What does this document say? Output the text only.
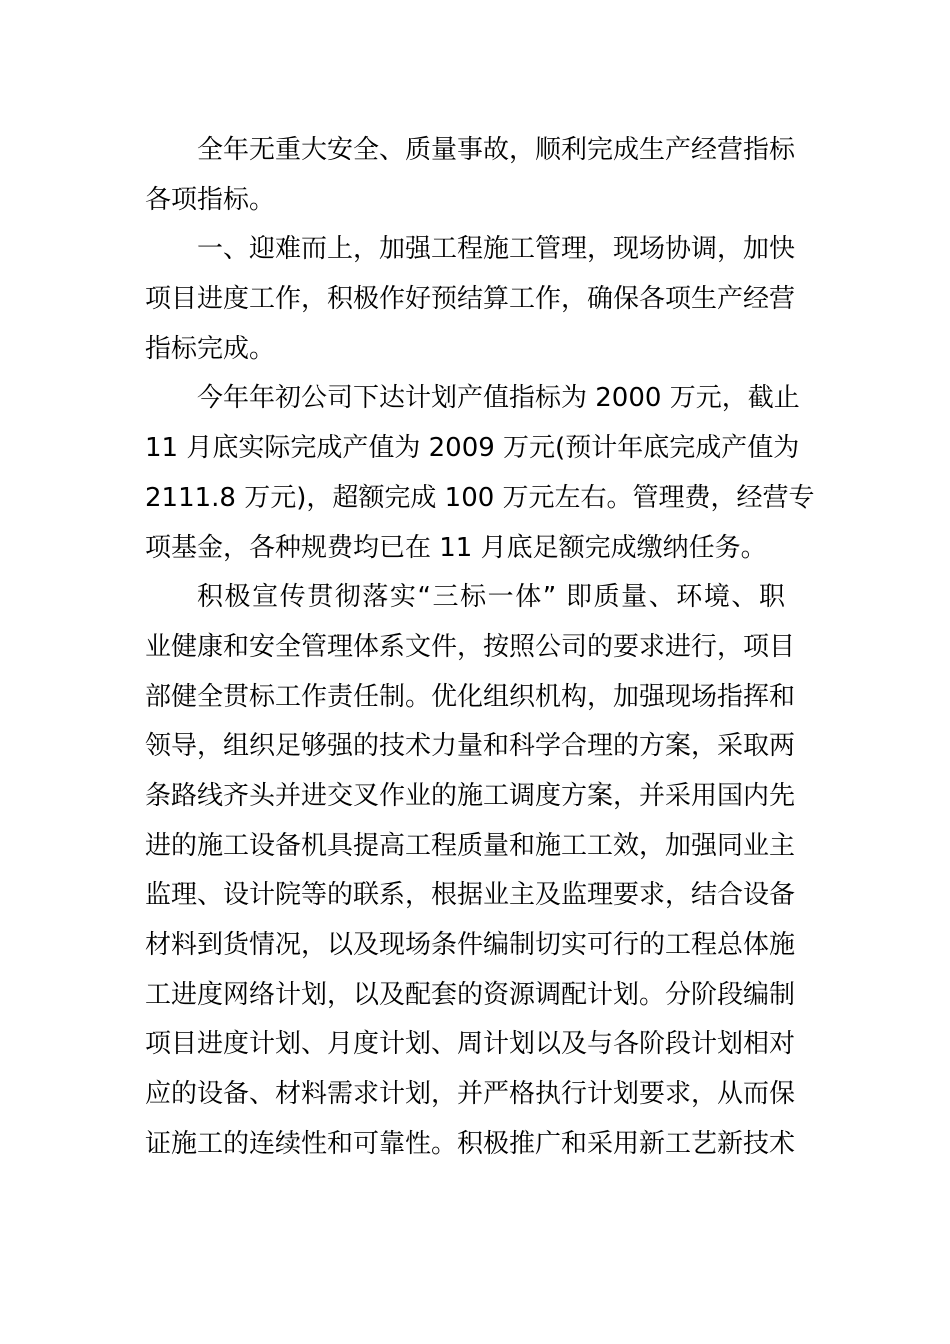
全年无重大安全、质量事故，顺利完成生产经营指标
各项指标。
一、迎难而上，加强工程施工管理，现场协调，加快
项目进度工作，积极作好预结算工作，确保各项生产经营
指标完成。
今年年初公司下达计划产值指标为 2000 万元，截止
11 月底实际完成产值为 2009 万元(预计年底完成产值为
2111.8 万元)，超额完成 100 万元左右。管理费，经营专
项基金，各种规费均已在 11 月底足额完成缴纳任务。
积极宣传贯彻落实“三标一体” 即质量、环境、职
业健康和安全管理体系文件，按照公司的要求进行，项目
部健全贯标工作责任制。优化组织机构，加强现场指挥和
领导，组织足够强的技术力量和科学合理的方案，采取两
条路线齐头并进交叉作业的施工调度方案，并采用国内先
进的施工设备机具提高工程质量和施工工效，加强同业主
监理、设计院等的联系，根据业主及监理要求，结合设备
材料到货情况，以及现场条件编制切实可行的工程总体施
工进度网络计划，以及配套的资源调配计划。分阶段编制
项目进度计划、月度计划、周计划以及与各阶段计划相对
应的设备、材料需求计划，并严格执行计划要求，从而保
证施工的连续性和可靠性。积极推广和采用新工艺新技术
